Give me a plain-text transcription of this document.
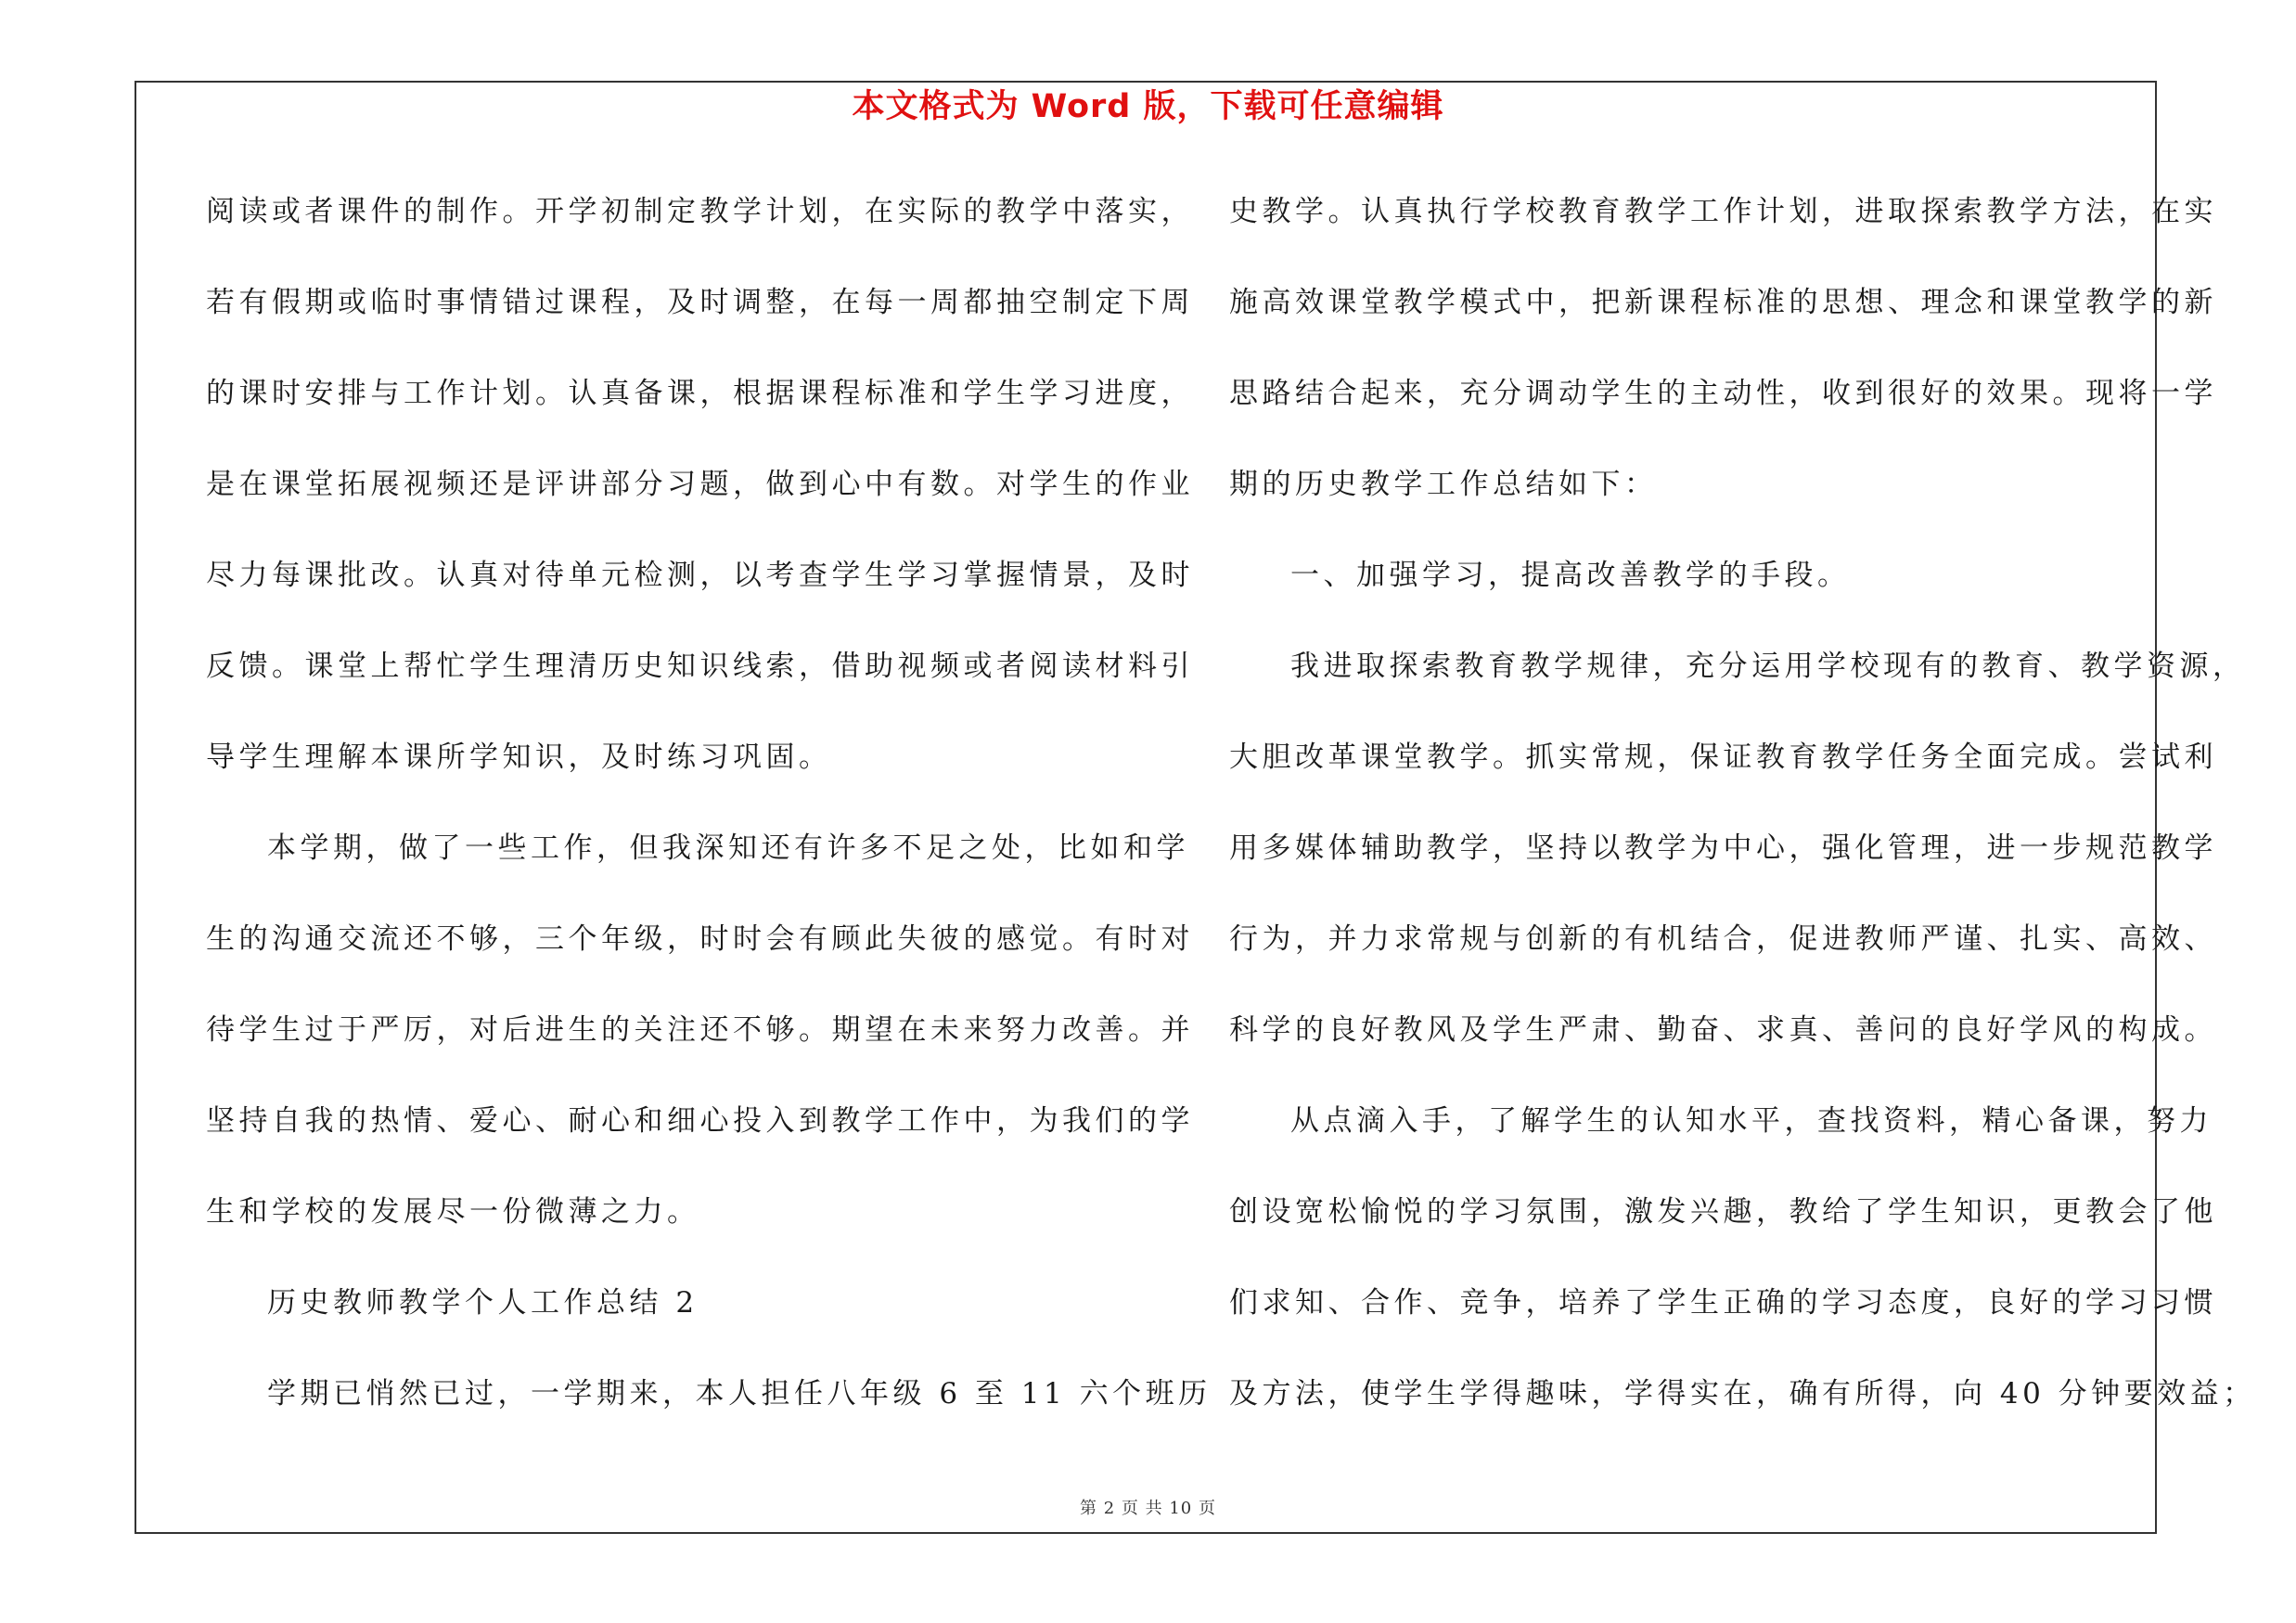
本文格式为 Word 版，下载可任意编辑
阅读或者课件的制作。开学初制定教学计划，在实际的教学中落实，
若有假期或临时事情错过课程，及时调整，在每一周都抽空制定下周
的课时安排与工作计划。认真备课，根据课程标准和学生学习进度，
是在课堂拓展视频还是评讲部分习题，做到心中有数。对学生的作业
尽力每课批改。认真对待单元检测，以考查学生学习掌握情景，及时
反馈。课堂上帮忙学生理清历史知识线索，借助视频或者阅读材料引
导学生理解本课所学知识，及时练习巩固。
本学期，做了一些工作，但我深知还有许多不足之处，比如和学
生的沟通交流还不够，三个年级，时时会有顾此失彼的感觉。有时对
待学生过于严厉，对后进生的关注还不够。期望在未来努力改善。并
坚持自我的热情、爱心、耐心和细心投入到教学工作中，为我们的学
生和学校的发展尽一份微薄之力。
历史教师教学个人工作总结 2
学期已悄然已过，一学期来，本人担任八年级 6 至 11 六个班历
史教学。认真执行学校教育教学工作计划，进取探索教学方法，在实
施高效课堂教学模式中，把新课程标准的思想、理念和课堂教学的新
思路结合起来，充分调动学生的主动性，收到很好的效果。现将一学
期的历史教学工作总结如下：
一、加强学习，提高改善教学的手段。
我进取探索教育教学规律，充分运用学校现有的教育、教学资源，
大胆改革课堂教学。抓实常规，保证教育教学任务全面完成。尝试利
用多媒体辅助教学，坚持以教学为中心，强化管理，进一步规范教学
行为，并力求常规与创新的有机结合，促进教师严谨、扎实、高效、
科学的良好教风及学生严肃、勤奋、求真、善问的良好学风的构成。
从点滴入手，了解学生的认知水平，查找资料，精心备课，努力
创设宽松愉悦的学习氛围，激发兴趣，教给了学生知识，更教会了他
们求知、合作、竞争，培养了学生正确的学习态度，良好的学习习惯
及方法，使学生学得趣味，学得实在，确有所得，向 40 分钟要效益；
第 2 页 共 10 页
